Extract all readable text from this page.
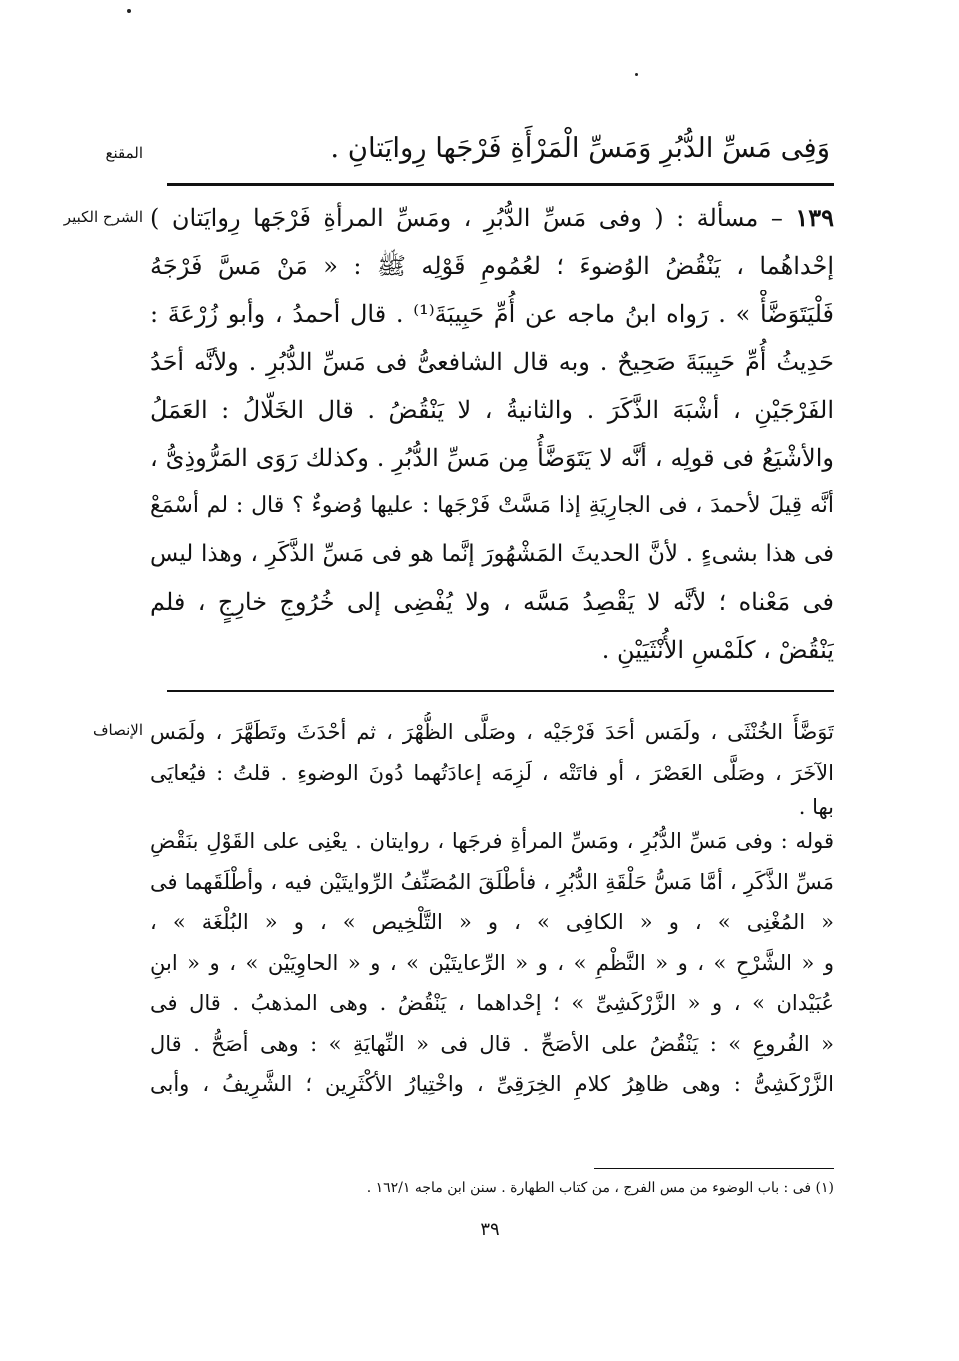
المقنع
الشرح الكبير
الإنصاف
وَفِى مَسِّ الدُّبُرِ وَمَسِّ الْمَرْأَةِ فَرْجَها رِوايَتانِ .
١٣٩ – مسألة : ( وفى مَسِّ الدُّبُرِ ، ومَسِّ المرأةِ فَرْجَها رِوايَتان )
إحْداهُما ، يَنْقُضُ الوُضوءَ ؛ لعُمُومِ قَوْلِه ﷺ : « مَنْ مَسَّ فَرْجَهُ
فَلْيَتَوَضَّأْ » . رَواه ابنُ ماجه عن أُمِّ حَبِيبَةَ⁽¹⁾ . قال أحمدُ ، وأبو زُرْعَةَ :
حَدِيثُ أُمِّ حَبِيبَةَ صَحِيحٌ . وبه قال الشافعىُّ فى مَسِّ الدُّبُرِ . ولأنَّه أحَدُ
الفَرْجَيْنِ ، أشْبَهَ الذَّكَرَ . والثانيةُ ، لا يَنْقُضُ . قال الخَلّالُ : العَمَلُ
والأشْيَعُ فى قولِه ، أنَّه لا يَتَوَضَّأُ مِن مَسِّ الدُّبُرِ . وكذلك رَوَى المَرُّوذِىُّ ،
أنَّه قِيلَ لأحمدَ ، فى الجارِيَةِ إذا مَسَّتْ فَرْجَها : عليها وُضوءٌ ؟ قال : لم أسْمَعْ
فى هذا بشىءٍ . لأنَّ الحديثَ المَشْهُورَ إنَّما هو فى مَسِّ الذَّكَرِ ، وهذا ليس
فى مَعْناه ؛ لأنَّه لا يَقْصِدُ مَسَّه ، ولا يُفْضِى إلى خُرُوجِ خارِجٍ ، فلم
يَنْقُضْ ، كلَمْسِ الأُنْثَيَيْنِ .
تَوَضَّأَ الخُنْثَى ، ولَمَس أحَدَ فَرْجَيْه ، وصَلَّى الظُّهْرَ ، ثم أحْدَثَ وتَطَهَّرَ ، ولَمَس
الآخَرَ ، وصَلَّى العَصْرَ ، أو فاتَتْه ، لَزِمَه إعادَتُهما دُونَ الوضوءِ . قلتُ : فيُعايَى
بها .
قوله : وفى مَسِّ الدُّبُرِ ، ومَسِّ المرأةِ فرجَها ، روايتان . يعْنِى على القَوْلِ بنَقْضِ
مَسِّ الذَّكَرِ ، أمَّا مَسُّ حَلْقَةِ الدُّبُرِ ، فأطْلَقَ المُصَنِّفُ الرِّوايتَيْن فيه ، وأطْلَقَهما فى
« المُغْنِى » ، و « الكافِى » ، و « التَّلْخِيص » ، و « البُلْغَة » ،
و « الشَّرْحِ » ، و « النَّظْمِ » ، و « الرِّعايتَيْن » ، و « الحاوِيَيْن » ، و « ابنِ
عُبَيْدان » ، و « الزَّرْكَشِىِّ » ؛ إحْداهما ، يَنْقُضُ . وهى المذهبُ . قال فى
« الفُروعِ » : يَنْقُضُ على الأصَحِّ . قال فى « النِّهايَةِ » : وهى أصَحُّ . قال
الزَّرْكَشِىُّ : وهى ظاهِرُ كلامِ الخِرَقِىِّ ، واخْتِيارُ الأكْثَرِين ؛ الشَّرِيفُ ، وأبى
(١) فى : باب الوضوء من مس الفرج ، من كتاب الطهارة . سنن ابن ماجه ١٦٢/١ .
٣٩
